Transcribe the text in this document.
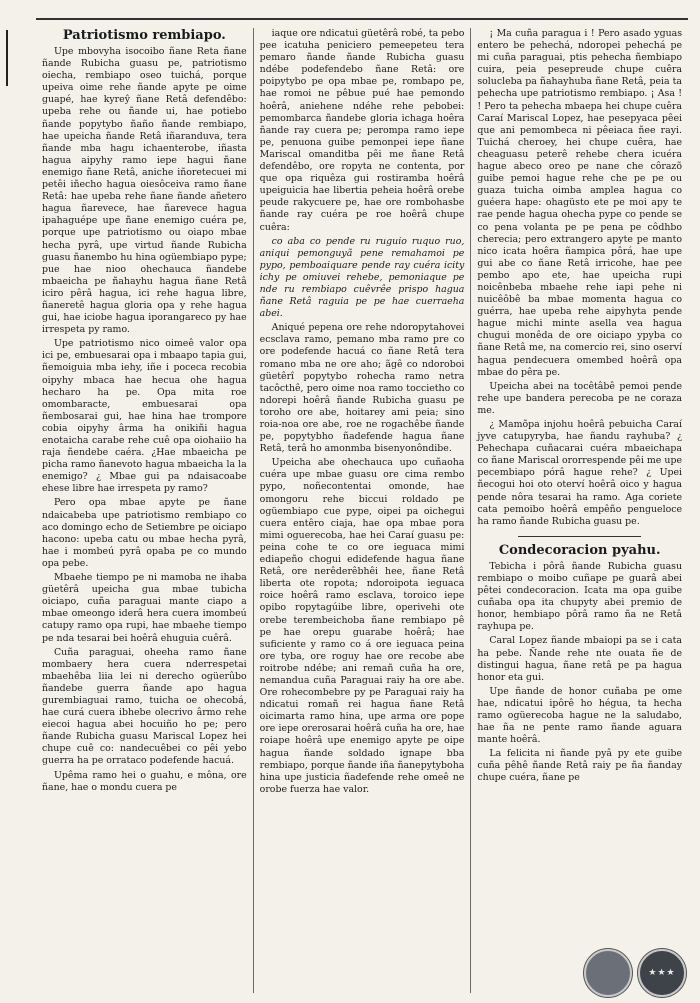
Patriotismo rembiapo.

Upe mbovyha isocoibo ñane Reta ñane ñande Rubicha guasu pe, patriotismo oiecha, rembiapo oseo tuichá, porque upeiva oime rehe ñande apyte pe oime guapé, hae kyreŷ ñane Retâ defendêbo: upeba rehe ou ñande ui, hae potiebo ñande popytybo ñaño ñande rembiapo, hae upeicha ñande Retâ iñaranduva, tera ñande mba hagu ichaenterobe, iñasta hagua aipyhy ramo iepe hagui ñane enemigo ñane Retâ, aniche iñoretecuei mi petêi iñecho hagua oiesôceiva ramo ñane Retâ: hae upeba rehe ñane ñande añetero hagua ñarevece, hae ñarevece hagua ipahaguépe upe ñane enemigo cuéra pe, porque upe patriotismo ou oiapo mbae hecha pyrâ, upe virtud ñande Rubicha guasu ñanembo hu hina ogüembiapo pype; pue hae nioo ohechauca ñandebe mbaeicha pe ñahayhu hagua ñane Retâ iciro pêrâ hagua, ici rehe hagua libre, ñaneretê hagua gloria opa y rehe hagua gui, hae iciobe hagua iporangareco py hae irrespeta py ramo.

Upe patriotismo nico oimeê valor opa ici pe, embuesarai opa i mbaapo tapia gui, ñemoiguia mba iehy, iñe i poceca recobia oipyhy mbaca hae hecua ohe hagua hecharo ha pe. Opa mita roe omombaracte, embuesarai opa ñembosarai gui, hae hina hae trompore cobia oipyhy ârma ha onikiñi hagua enotaicha carabe rehe cuê opa oiohaiio ha raja ñendebe caéra. ¿Hae mbaeicha pe picha ramo ñanevoto hagua mbaeicha la la enemigo? ¿ Mbae gui pa ndaisacoabe ehese libre hae irrespeta py ramo?

Pero opa mbae apyte pe ñane ndaicabeba upe patriotismo rembiapo co aco domingo echo de Setiembre pe oiciapo hacono: upeba catu ou mbae hecha pyrâ, hae i mombeú pyrâ opaba pe co mundo opa pebe.

Mbaehe tiempo pe ni mamoba ne ihaba güetêrâ upeicha gua mbae tubicha oiciapo, cuña paraguai mante ciapo a mbae omeongo iderâ hera cuera imombeú catupy ramo opa rupi, hae mbaehe tiempo pe nda tesarai bei hoêrâ ehuguia cuêrâ.

Cuña paraguai, oheeha ramo ñane mombaery hera cuera nderrespetai mbaehêba liia lei ni derecho ogüerûbo ñandebe guerra ñande apo hagua gurembiaguai ramo, tuicha oe ohecobá, hae curá cuera ibhebe olecrivo ârmo rehe eiecoi hagua abei hocuiño ho pe; pero ñande Rubicha guasu Mariscal Lopez hei chupe cuê co: nandecuêbei co pêi yebo guerra ha pe orrataco podefende hacuá.

Upêma ramo hei o guahu, e môna, ore ñane, hae o mondu cuera pe

iaque ore ndicatui güetêrâ robé, ta pebo pee icatuha peniciero pemeepeteu tera pemaro ñande ñande Rubicha guasu ndébe podefendebo ñane Retâ: ore poipytybo pe opa mbae pe, rombapo pe, hae romoi ne pêbue pué hae pemondo hoêrâ, aniehene ndéhe rehe pebobei: pemombarca ñandebe gloria ichaga hoêra ñande ray cuera pe; perompa ramo iepe pe, penuona guibe pemonpei iepe ñane Mariscal omanditba pêi me ñane Retâ defendêbo, ore ropyta ne contenta, por que opa riquêza gui rostiramba hoêrâ upeiguicia hae libertia peheia hoêrâ orebe peude rakycuere pe, hae ore rombohasbe ñande ray cuéra pe roe hoêrâ chupe cuêra:

co aba co pende ru ruguio ruquo ruo, aniqui pemonguyã pene remahamoi pe pypo, pemboaiquare pende ray cuéra icity ichy pe omiuvei rehebe, pemoniaque pe nde ru rembiapo cuêvrêe prispo hagua ñane Retâ raguia pe pe hae cuerraeha abei.

Aniqué pepena ore rehe ndoropytahovei ecsclava ramo, pemano mba ramo pre co ore podefende hacuá co ñane Retâ tera romano mba ne ore aho; ãgê co ndoroboi güetêrî popytybo rohecha ramo netra tacôcthê, pero oime noa ramo toccietho co ndorepi hoêrâ ñande Rubicha guasu pe toroho ore abe, hoitarey ami peia; sino roia-noa ore abe, roe ne rogachêbe ñande pe, popytybho ñadefende hagua ñane Retâ, terâ ho amonmba bisenyonôndibe.

Upeicha abe ohechauca upo cuñaoha cuéra upe mbae guasu ore cima rembo pypo, noñecontentai omonde, hae omongoru rehe biccui roldado pe ogüembiapo cue pype, oipei pa oichegui cuera entêro ciaja, hae opa mbae pora mimi oguerecoba, hae hei Caraí guasu pe: peina cohe te co ore ieguaca mimi ediapeño chogui edidefende hagua ñane Retâ, ore nerêderêbhêi hee, ñane Retâ liberta ote ropota; ndoroipota ieguaca roice hoêrâ ramo esclava, toroico iepe opibo ropytagúibe libre, operivehi ote orebe terembeichoba ñane rembiapo pê pe hae orepu guarabe hoêrâ; hae suficiente y ramo co á ore ieguaca peina ore tyba, ore roguy hae ore recobe abe roitrobe ndébe; ani remañ cuña ha ore, nemandua cuña Paraguai raiy ha ore abe. Ore rohecombebre py pe Paraguai raiy ha ndicatui romañ rei hagua ñane Retâ oicimarta ramo hina, upe arma ore pope ore iepe orerosarai hoêrâ cuña ha ore, hae roiape hoêrâ upe enemigo apyte pe oipe hagua ñande soldado ignape bba rembiapo, porque ñande iña ñanepytyboha hina upe justicia ñadefende rehe omeê ne orobe fuerza hae valor.

¡ Ma cuña paragua i ! Pero asado yguas entero be pehechá, ndoropei pehechá pe mi cuña paraguai, ptis pehecha ñembiapo cuira, peia pesepreude chupe cuêra solucleba pa ñahayhuba ñane Retâ, peia ta pehecha upe patriotismo rembiapo. ¡ Asa ! ! Pero ta pehecha mbaepa hei chupe cuêra Caraí Mariscal Lopez, hae pesepyaca pêei que ani pemombeca ni pêeiaca ñee rayi. Tuichá cheroey, hei chupe cuêra, hae cheaguasu peterê rehebe chera icuéra hague abeco oreo pe nane che côrazõ guibe pemoi hague rehe che pe pe ou guaza tuicha oimba amplea hagua co guéera hape: ohagüsto ete pe moi apy te rae pende hagua ohecha pype co pende se co pena volanta pe pe pena pe côdhbo cherecia; pero extrangero apyte pe manto nico icata hoêra ñampica pôrá, hae upe gui abe co ñane Retâ irricohe, hae pee pembo apo ete, hae upeicha rupi noicênbeba mbaehe rehe iapi pehe ni nuicêôbê ba mbae momenta hagua co guérra, hae upeba rehe aipyhyta pende hague michi minte asella vea hagua chugui monêda de ore oiciapo ypyba co ñane Retâ me, na comercio rei, sino oserví hagua pendecuera omembed hoêrâ opa mbae do pêra pe.

Upeicha abei na tocêtâbê pemoi pende rehe upe bandera perecoba pe ne coraza me.

¿ Mamõpa injohu hoêrâ pebuicha Caraí jyve catupyryba, hae ñandu rayhuba? ¿ Pehechapa cuñacarai cuéra mbaeichapa co ñane Mariscal ororrespende pêi me upe pecembiapo pórâ hague rehe? ¿ Upei ñecogui hoi oto oterví hoêrâ oico y hagua pende nôra tesarai ha ramo. Aga coriete cata pemoibo hoêrâ empêño pengueloce ha ramo ñande Rubicha guasu pe.

Condecoracion pyahu.

Tebicha i pôrâ ñande Rubicha guasu rembiapo o moibo cuñape pe guarâ abei pêtei condecoracion. Icata ma opa guibe cuñaba opa ita chupyty abei premio de honor, hembiapo pôrâ ramo ña ne Retâ rayhupa pe.

Caral Lopez ñande mbaiopi pa se i cata ha pebe. Ñande rehe nte ouata ñe de distingui hagua, ñane retâ pe pa hagua honor eta gui.

Upe ñande de honor cuñaba pe ome hae, ndicatui ipôrê ho hégua, ta hecha ramo ogüerecoba hague ne la saludabo, hae ña ne pente ramo ñande aguara mante hoêrâ.

La felicita ni ñande pyâ py ete guibe cuña pêhê ñande Retâ raiy pe ña ñanday chupe cuéra, ñane pe

★★★
